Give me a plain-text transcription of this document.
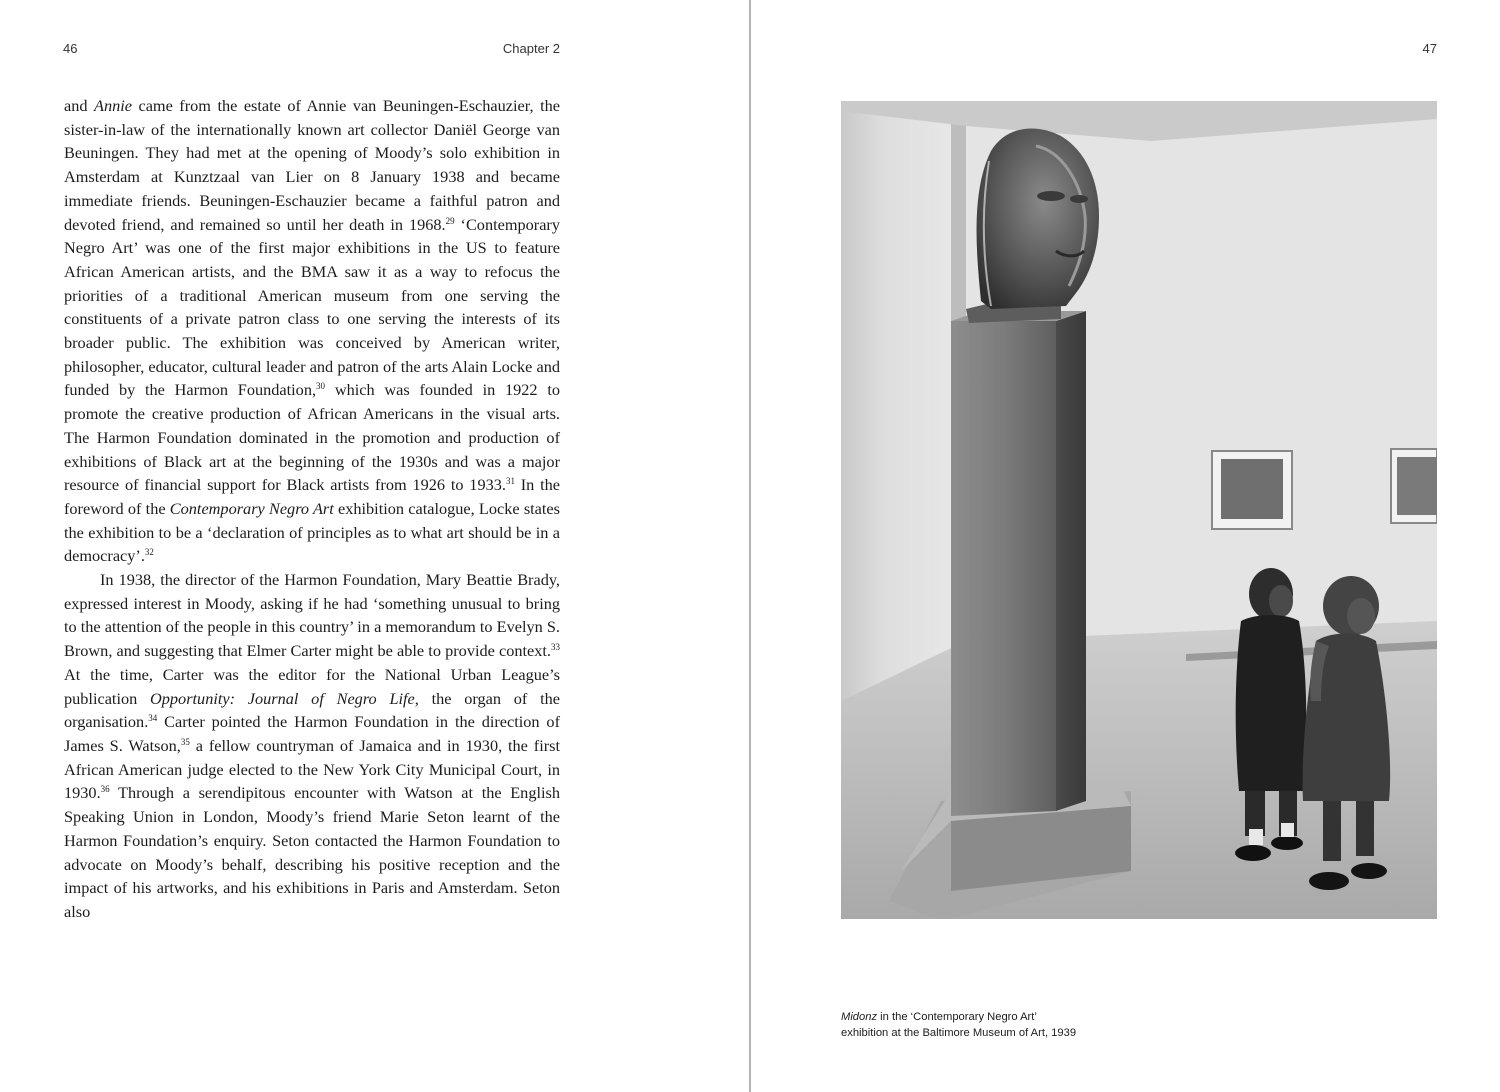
46	Chapter 2

and Annie came from the estate of Annie van Beuningen-Eschauzier, the sister-in-law of the internationally known art collector Daniël George van Beuningen. They had met at the opening of Moody’s solo exhibition in Amsterdam at Kunztzaal van Lier on 8 January 1938 and became immediate friends. Beuningen-Eschauzier became a faithful patron and devoted friend, and remained so until her death in 1968.29 ‘Contemporary Negro Art’ was one of the first major exhibitions in the US to feature African American artists, and the BMA saw it as a way to refocus the priorities of a traditional American museum from one serving the constituents of a private patron class to one serving the interests of its broader public. The exhibition was conceived by American writer, philosopher, educator, cultural leader and patron of the arts Alain Locke and funded by the Harmon Foundation,$^{30}$ which was founded in 1922 to promote the creative production of African Americans in the visual arts. The Harmon Foundation dominated in the promotion and production of exhibitions of Black art at the beginning of the 1930s and was a major resource of financial support for Black artists from 1926 to 1933.31 In the foreword of the Contemporary Negro Art exhibition catalogue, Locke states the exhibition to be a ‘declaration of principles as to what art should be in a democracy’.$^{32}$

In 1938, the director of the Harmon Foundation, Mary Beattie Brady, expressed interest in Moody, asking if he had ‘something unusual to bring to the attention of the people in this country’ in a memorandum to Evelyn S. Brown, and suggesting that Elmer Carter might be able to provide context.$^{33}$ At the time, Carter was the editor for the National Urban League’s publication Opportunity: Journal of Negro Life, the organ of the organisation.$^{34}$ Carter pointed the Harmon Foundation in the direction of James S. Watson,$^{35}$ a fellow countryman of Jamaica and in 1930, the first African American judge elected to the New York City Municipal Court, in 1930.36 Through a serendipitous encounter with Watson at the English Speaking Union in London, Moody’s friend Marie Seton learnt of the Harmon Foundation’s enquiry. Seton contacted the Harmon Foundation to advocate on Moody’s behalf, describing his positive reception and the impact of his artworks, and his exhibitions in Paris and Amsterdam. Seton also

47

Midonz in the ‘Contemporary Negro Art’

exhibition at the Baltimore Museum of Art, 1939
